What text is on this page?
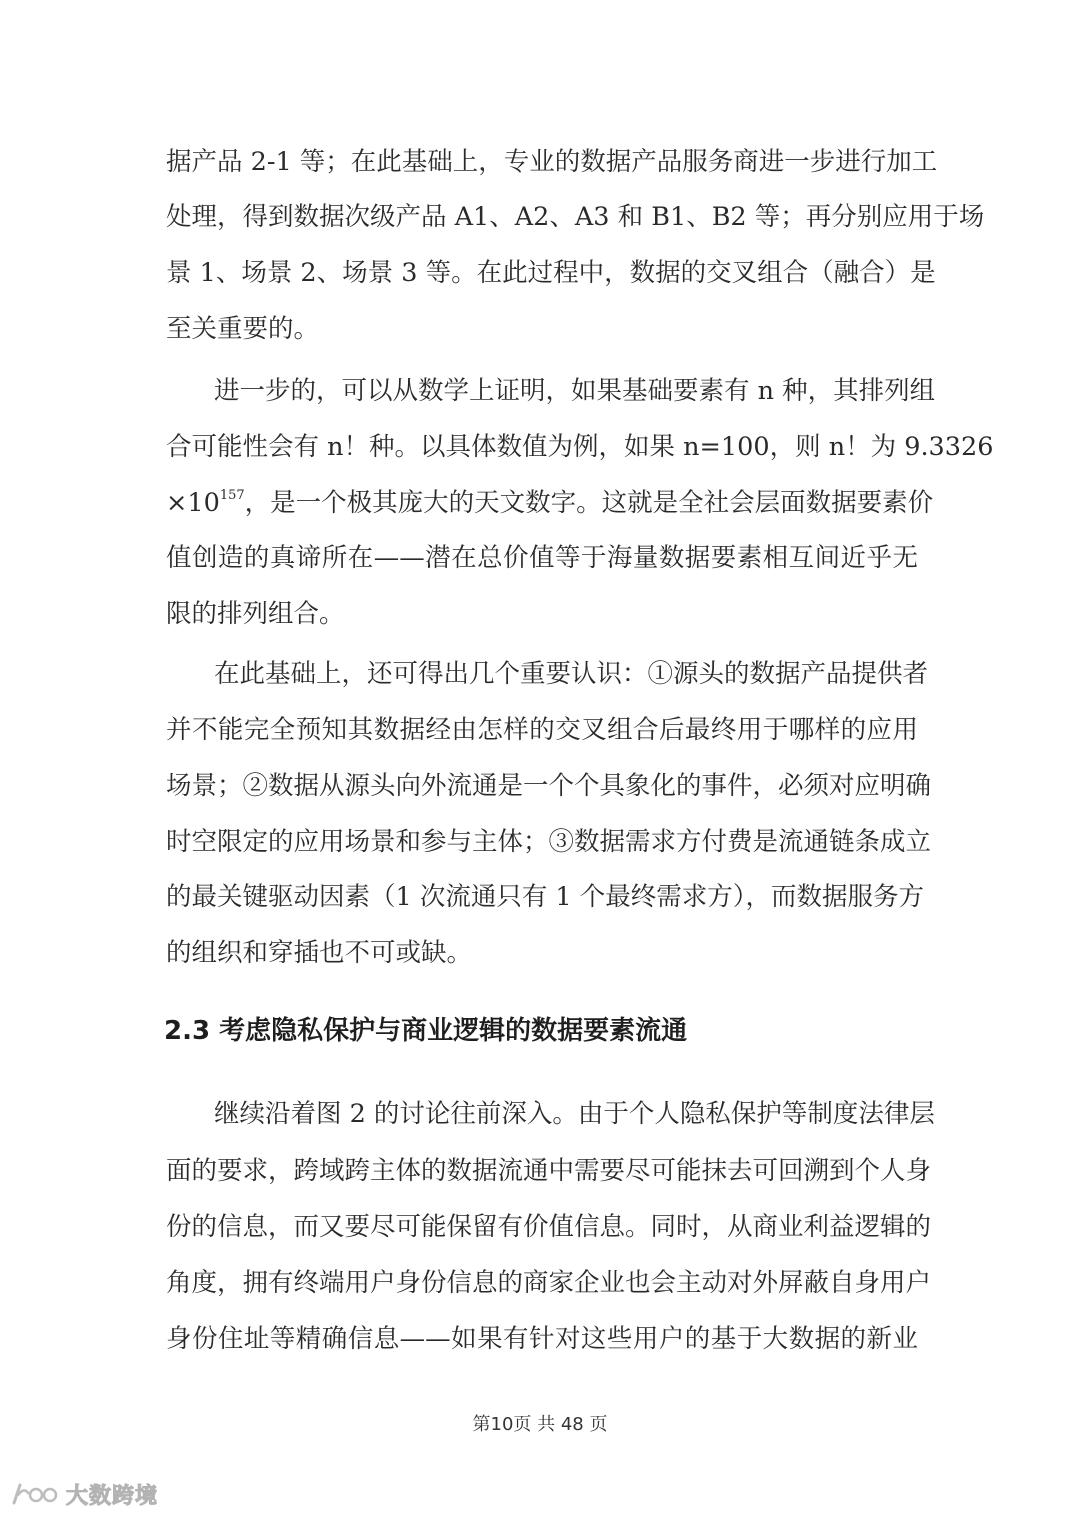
据产品 2-1 等；在此基础上，专业的数据产品服务商进一步进行加工
处理，得到数据次级产品 A1、A2、A3 和 B1、B2 等；再分别应用于场
景 1、场景 2、场景 3 等。在此过程中，数据的交叉组合（融合）是
至关重要的。
进一步的，可以从数学上证明，如果基础要素有 n 种，其排列组
合可能性会有 n！种。以具体数值为例，如果 n=100，则 n！为 9.3326
$\times 10^{157}$，是一个极其庞大的天文数字。这就是全社会层面数据要素价
值创造的真谛所在——潜在总价值等于海量数据要素相互间近乎无
限的排列组合。
在此基础上，还可得出几个重要认识：①源头的数据产品提供者
并不能完全预知其数据经由怎样的交叉组合后最终用于哪样的应用
场景；②数据从源头向外流通是一个个具象化的事件，必须对应明确
时空限定的应用场景和参与主体；③数据需求方付费是流通链条成立
的最关键驱动因素（1 次流通只有 1 个最终需求方），而数据服务方
的组织和穿插也不可或缺。
2.3 考虑隐私保护与商业逻辑的数据要素流通
继续沿着图 2 的讨论往前深入。由于个人隐私保护等制度法律层
面的要求，跨域跨主体的数据流通中需要尽可能抹去可回溯到个人身
份的信息，而又要尽可能保留有价值信息。同时，从商业利益逻辑的
角度，拥有终端用户身份信息的商家企业也会主动对外屏蔽自身用户
身份住址等精确信息——如果有针对这些用户的基于大数据的新业
第10页 共 48 页
大数跨境
